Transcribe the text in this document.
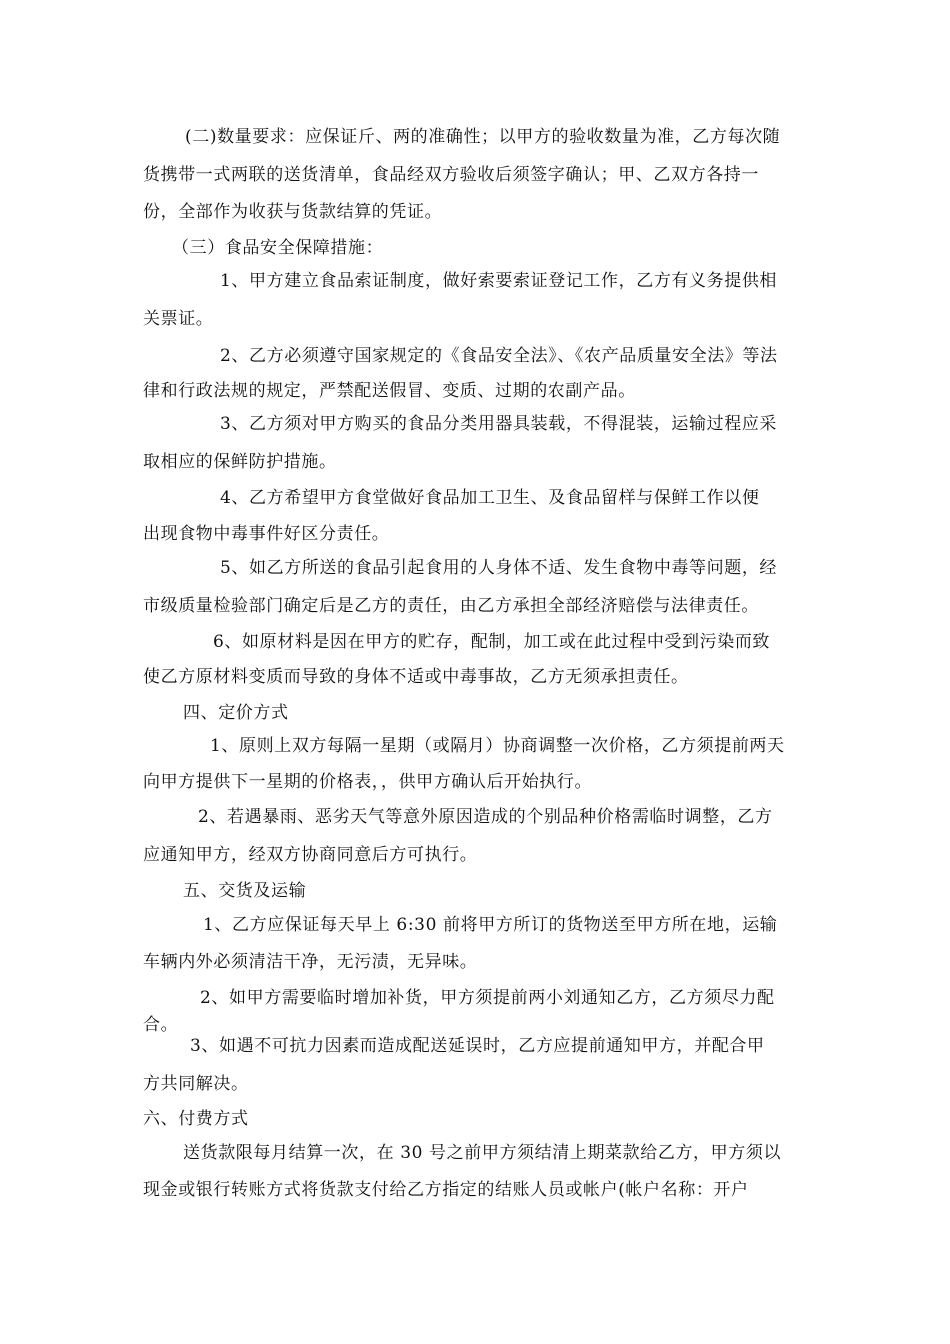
(二)数量要求：应保证斤、两的准确性；以甲方的验收数量为准，乙方每次随
货携带一式两联的送货清单，食品经双方验收后须签字确认；甲、乙双方各持一
份，全部作为收获与货款结算的凭证。
（三）食品安全保障措施：
1、甲方建立食品索证制度，做好索要索证登记工作，乙方有义务提供相
关票证。
2、乙方必须遵守国家规定的《食品安全法》、《农产品质量安全法》等法
律和行政法规的规定，严禁配送假冒、变质、过期的农副产品。
3、乙方须对甲方购买的食品分类用器具装载，不得混装，运输过程应采
取相应的保鲜防护措施。
4、乙方希望甲方食堂做好食品加工卫生、及食品留样与保鲜工作以便
出现食物中毒事件好区分责任。
5、如乙方所送的食品引起食用的人身体不适、发生食物中毒等问题，经
市级质量检验部门确定后是乙方的责任，由乙方承担全部经济赔偿与法律责任。
6、如原材料是因在甲方的贮存，配制，加工或在此过程中受到污染而致
使乙方原材料变质而导致的身体不适或中毒事故，乙方无须承担责任。
四、定价方式
1、原则上双方每隔一星期（或隔月）协商调整一次价格，乙方须提前两天
向甲方提供下一星期的价格表，，供甲方确认后开始执行。
2、若遇暴雨、恶劣天气等意外原因造成的个别品种价格需临时调整，乙方
应通知甲方，经双方协商同意后方可执行。
五、交货及运输
1、乙方应保证每天早上 6:30 前将甲方所订的货物送至甲方所在地，运输
车辆内外必须清洁干净，无污渍，无异味。
2、如甲方需要临时增加补货，甲方须提前两小刘通知乙方，乙方须尽力配
合。
3、如遇不可抗力因素而造成配送延误时，乙方应提前通知甲方，并配合甲
方共同解决。
六、付费方式
送货款限每月结算一次，在 30 号之前甲方须结清上期菜款给乙方，甲方须以
现金或银行转账方式将货款支付给乙方指定的结账人员或帐户(帐户名称：开户
